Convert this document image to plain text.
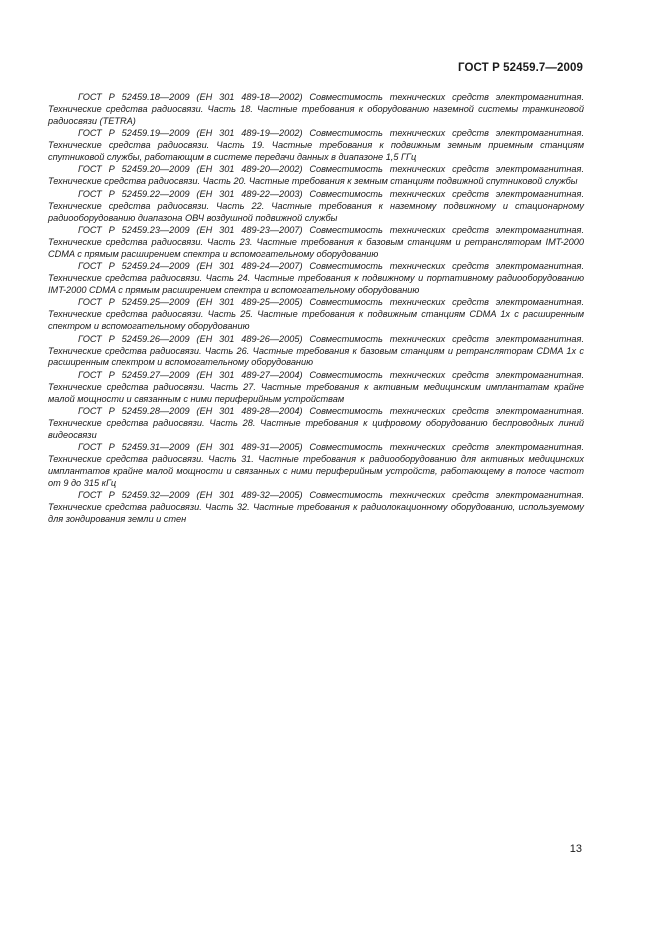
ГОСТ Р 52459.7—2009

ГОСТ Р 52459.18—2009 (ЕН 301 489-18—2002) Совместимость технических средств электромагнитная. Технические средства радиосвязи. Часть 18. Частные требования к оборудованию наземной системы транкинговой радиосвязи (TETRA)

ГОСТ Р 52459.19—2009 (ЕН 301 489-19—2002) Совместимость технических средств электромагнитная. Технические средства радиосвязи. Часть 19. Частные требования к подвижным земным приемным станциям спутниковой службы, работающим в системе передачи данных в диапазоне 1,5 ГГц

ГОСТ Р 52459.20—2009 (ЕН 301 489-20—2002) Совместимость технических средств электромагнитная. Технические средства радиосвязи. Часть 20. Частные требования к земным станциям подвижной спутниковой службы

ГОСТ Р 52459.22—2009 (ЕН 301 489-22—2003) Совместимость технических средств электромагнитная. Технические средства радиосвязи. Часть 22. Частные требования к наземному подвижному и стационарному радиооборудованию диапазона ОВЧ воздушной подвижной службы

ГОСТ Р 52459.23—2009 (ЕН 301 489-23—2007) Совместимость технических средств электромагнитная. Технические средства радиосвязи. Часть 23. Частные требования к базовым станциям и ретрансляторам IMT-2000 CDMA с прямым расширением спектра и вспомогательному оборудованию

ГОСТ Р 52459.24—2009 (ЕН 301 489-24—2007) Совместимость технических средств электромагнитная. Технические средства радиосвязи. Часть 24. Частные требования к подвижному и портативному радиооборудованию IMT-2000 CDMA с прямым расширением спектра и вспомогательному оборудованию

ГОСТ Р 52459.25—2009 (ЕН 301 489-25—2005) Совместимость технических средств электромагнитная. Технические средства радиосвязи. Часть 25. Частные требования к подвижным станциям CDMA 1x с расширенным спектром и вспомогательному оборудованию

ГОСТ Р 52459.26—2009 (ЕН 301 489-26—2005) Совместимость технических средств электромагнитная. Технические средства радиосвязи. Часть 26. Частные требования к базовым станциям и ретрансляторам CDMA 1x с расширенным спектром и вспомогательному оборудованию

ГОСТ Р 52459.27—2009 (ЕН 301 489-27—2004) Совместимость технических средств электромагнитная. Технические средства радиосвязи. Часть 27. Частные требования к активным медицинским имплантатам крайне малой мощности и связанным с ними периферийным устройствам

ГОСТ Р 52459.28—2009 (ЕН 301 489-28—2004) Совместимость технических средств электромагнитная. Технические средства радиосвязи. Часть 28. Частные требования к цифровому оборудованию беспроводных линий видеосвязи

ГОСТ Р 52459.31—2009 (ЕН 301 489-31—2005) Совместимость технических средств электромагнитная. Технические средства радиосвязи. Часть 31. Частные требования к радиооборудованию для активных медицинских имплантатов крайне малой мощности и связанных с ними периферийным устройств, работающему в полосе частот от 9 до 315 кГц

ГОСТ Р 52459.32—2009 (ЕН 301 489-32—2005) Совместимость технических средств электромагнитная. Технические средства радиосвязи. Часть 32. Частные требования к радиолокационному оборудованию, используемому для зондирования земли и стен

13
